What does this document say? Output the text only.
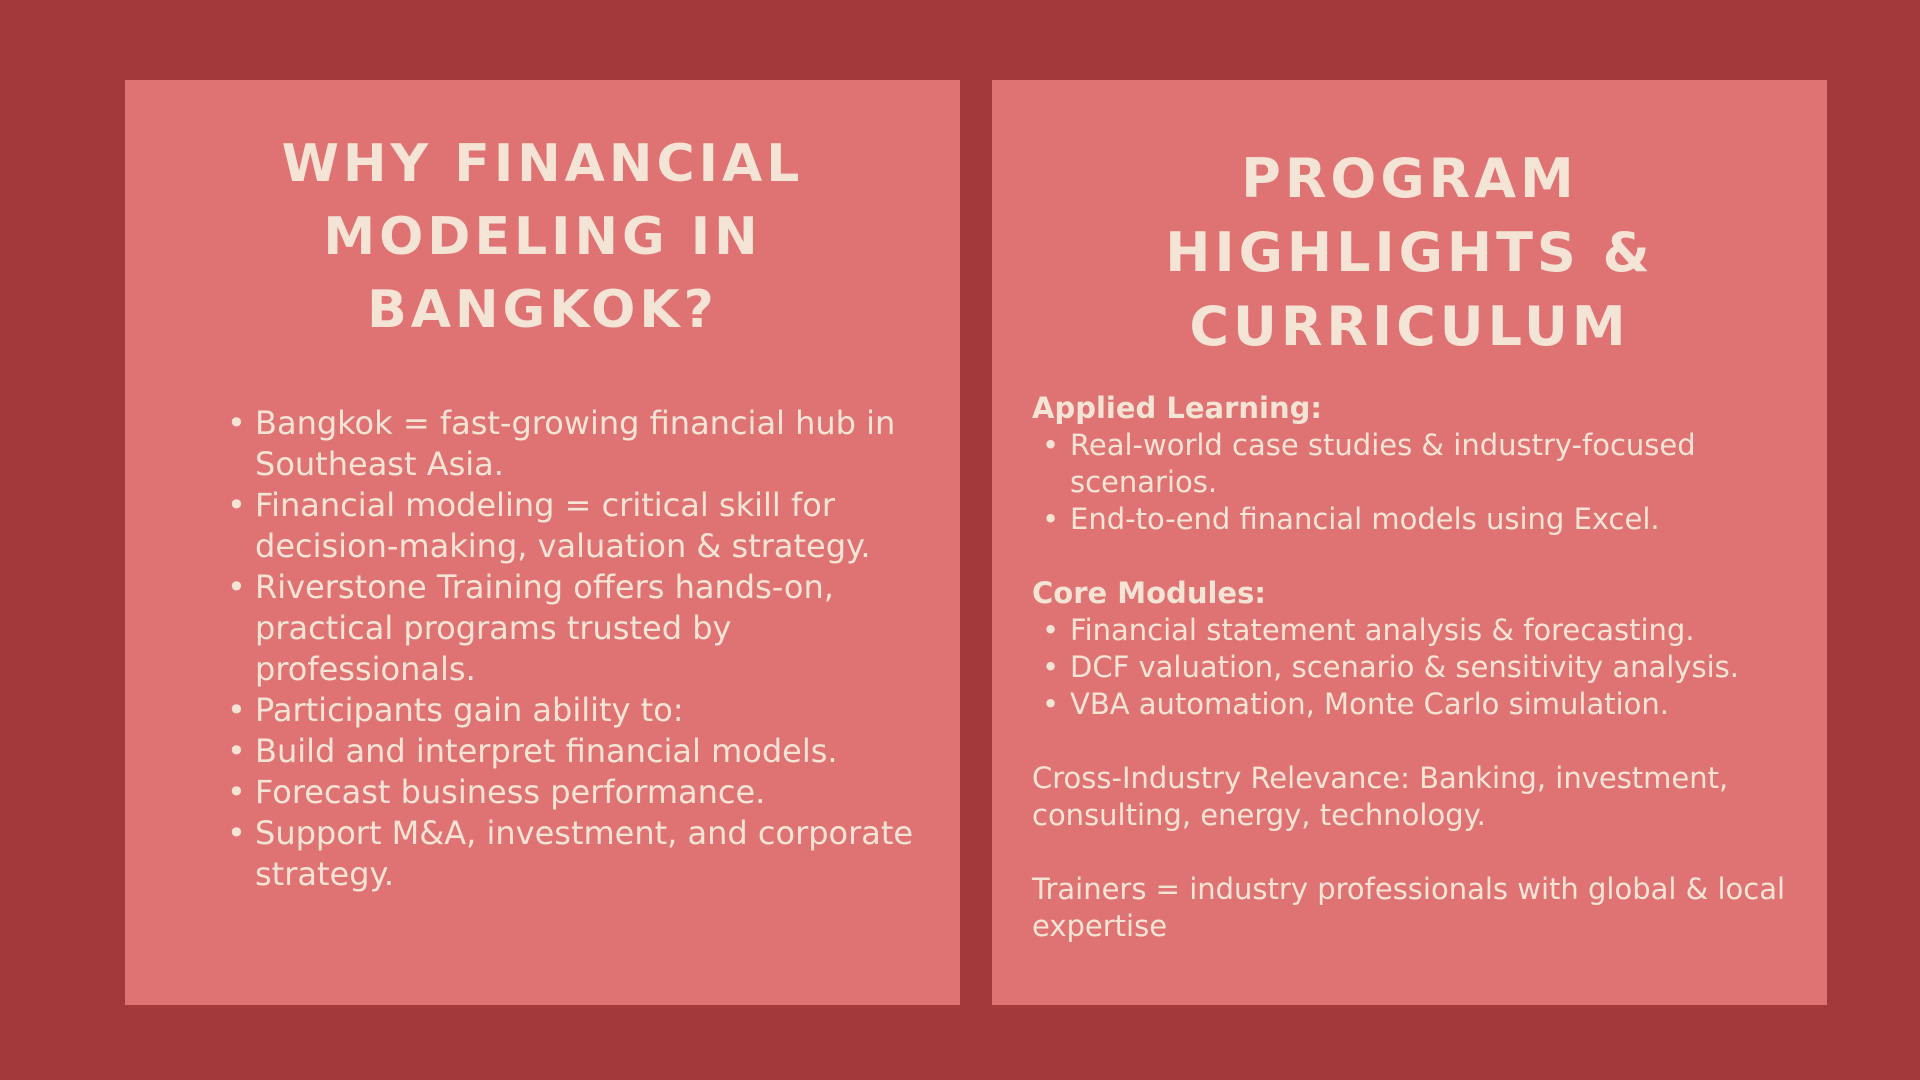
WHY FINANCIAL MODELING IN BANGKOK?
• Bangkok = fast-growing financial hub in Southeast Asia.
• Financial modeling = critical skill for decision-making, valuation & strategy.
• Riverstone Training offers hands-on, practical programs trusted by professionals.
• Participants gain ability to:
• Build and interpret financial models.
• Forecast business performance.
• Support M&A, investment, and corporate strategy.
PROGRAM HIGHLIGHTS & CURRICULUM

Applied Learning:

• Real-world case studies & industry-focused scenarios.
• End-to-end financial models using Excel.

Core Modules:

• Financial statement analysis & forecasting.
• DCF valuation, scenario & sensitivity analysis.
• VBA automation, Monte Carlo simulation.

Cross-Industry Relevance: Banking, investment, consulting, energy, technology.

Trainers = industry professionals with global & local expertise
